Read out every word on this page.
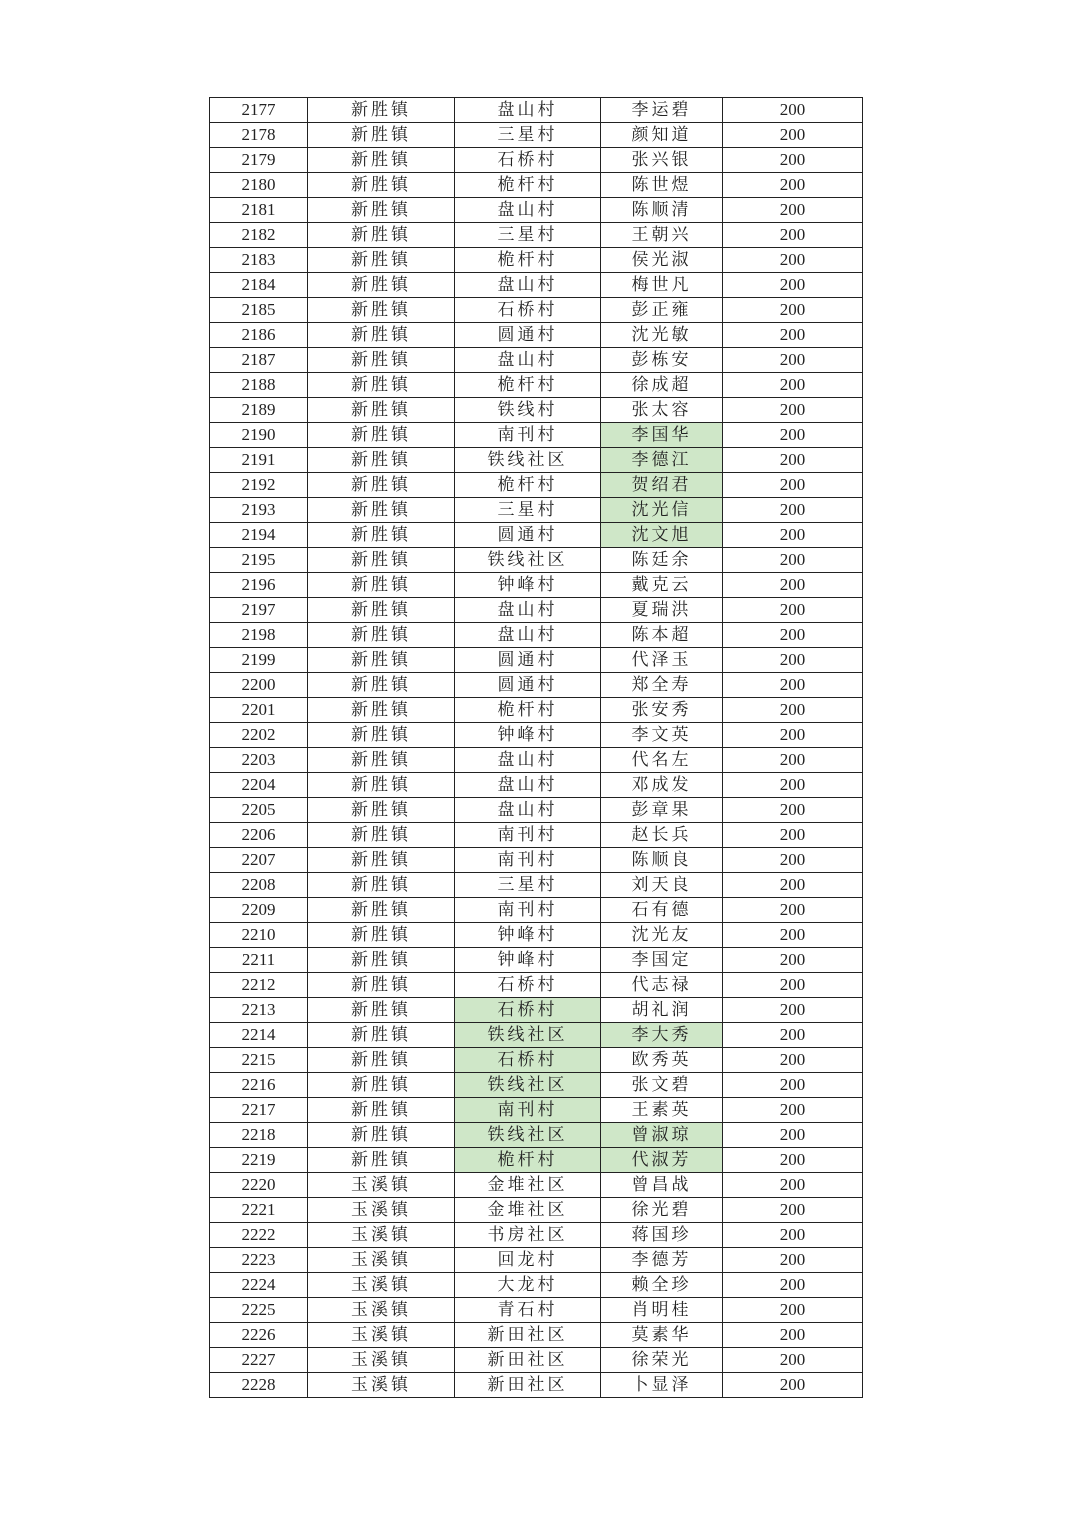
2177	新胜镇	盘山村	李运碧	200
2178	新胜镇	三星村	颜知道	200
2179	新胜镇	石桥村	张兴银	200
2180	新胜镇	桅杆村	陈世煜	200
2181	新胜镇	盘山村	陈顺清	200
2182	新胜镇	三星村	王朝兴	200
2183	新胜镇	桅杆村	侯光淑	200
2184	新胜镇	盘山村	梅世凡	200
2185	新胜镇	石桥村	彭正雍	200
2186	新胜镇	圆通村	沈光敏	200
2187	新胜镇	盘山村	彭栋安	200
2188	新胜镇	桅杆村	徐成超	200
2189	新胜镇	铁线村	张太容	200
2190	新胜镇	南刊村	李国华	200
2191	新胜镇	铁线社区	李德江	200
2192	新胜镇	桅杆村	贺绍君	200
2193	新胜镇	三星村	沈光信	200
2194	新胜镇	圆通村	沈文旭	200
2195	新胜镇	铁线社区	陈廷余	200
2196	新胜镇	钟峰村	戴克云	200
2197	新胜镇	盘山村	夏瑞洪	200
2198	新胜镇	盘山村	陈本超	200
2199	新胜镇	圆通村	代泽玉	200
2200	新胜镇	圆通村	郑全寿	200
2201	新胜镇	桅杆村	张安秀	200
2202	新胜镇	钟峰村	李文英	200
2203	新胜镇	盘山村	代名左	200
2204	新胜镇	盘山村	邓成发	200
2205	新胜镇	盘山村	彭章果	200
2206	新胜镇	南刊村	赵长兵	200
2207	新胜镇	南刊村	陈顺良	200
2208	新胜镇	三星村	刘天良	200
2209	新胜镇	南刊村	石有德	200
2210	新胜镇	钟峰村	沈光友	200
2211	新胜镇	钟峰村	李国定	200
2212	新胜镇	石桥村	代志禄	200
2213	新胜镇	石桥村	胡礼润	200
2214	新胜镇	铁线社区	李大秀	200
2215	新胜镇	石桥村	欧秀英	200
2216	新胜镇	铁线社区	张文碧	200
2217	新胜镇	南刊村	王素英	200
2218	新胜镇	铁线社区	曾淑琼	200
2219	新胜镇	桅杆村	代淑芳	200
2220	玉溪镇	金堆社区	曾昌战	200
2221	玉溪镇	金堆社区	徐光碧	200
2222	玉溪镇	书房社区	蒋国珍	200
2223	玉溪镇	回龙村	李德芳	200
2224	玉溪镇	大龙村	赖全珍	200
2225	玉溪镇	青石村	肖明桂	200
2226	玉溪镇	新田社区	莫素华	200
2227	玉溪镇	新田社区	徐荣光	200
2228	玉溪镇	新田社区	卜显泽	200
